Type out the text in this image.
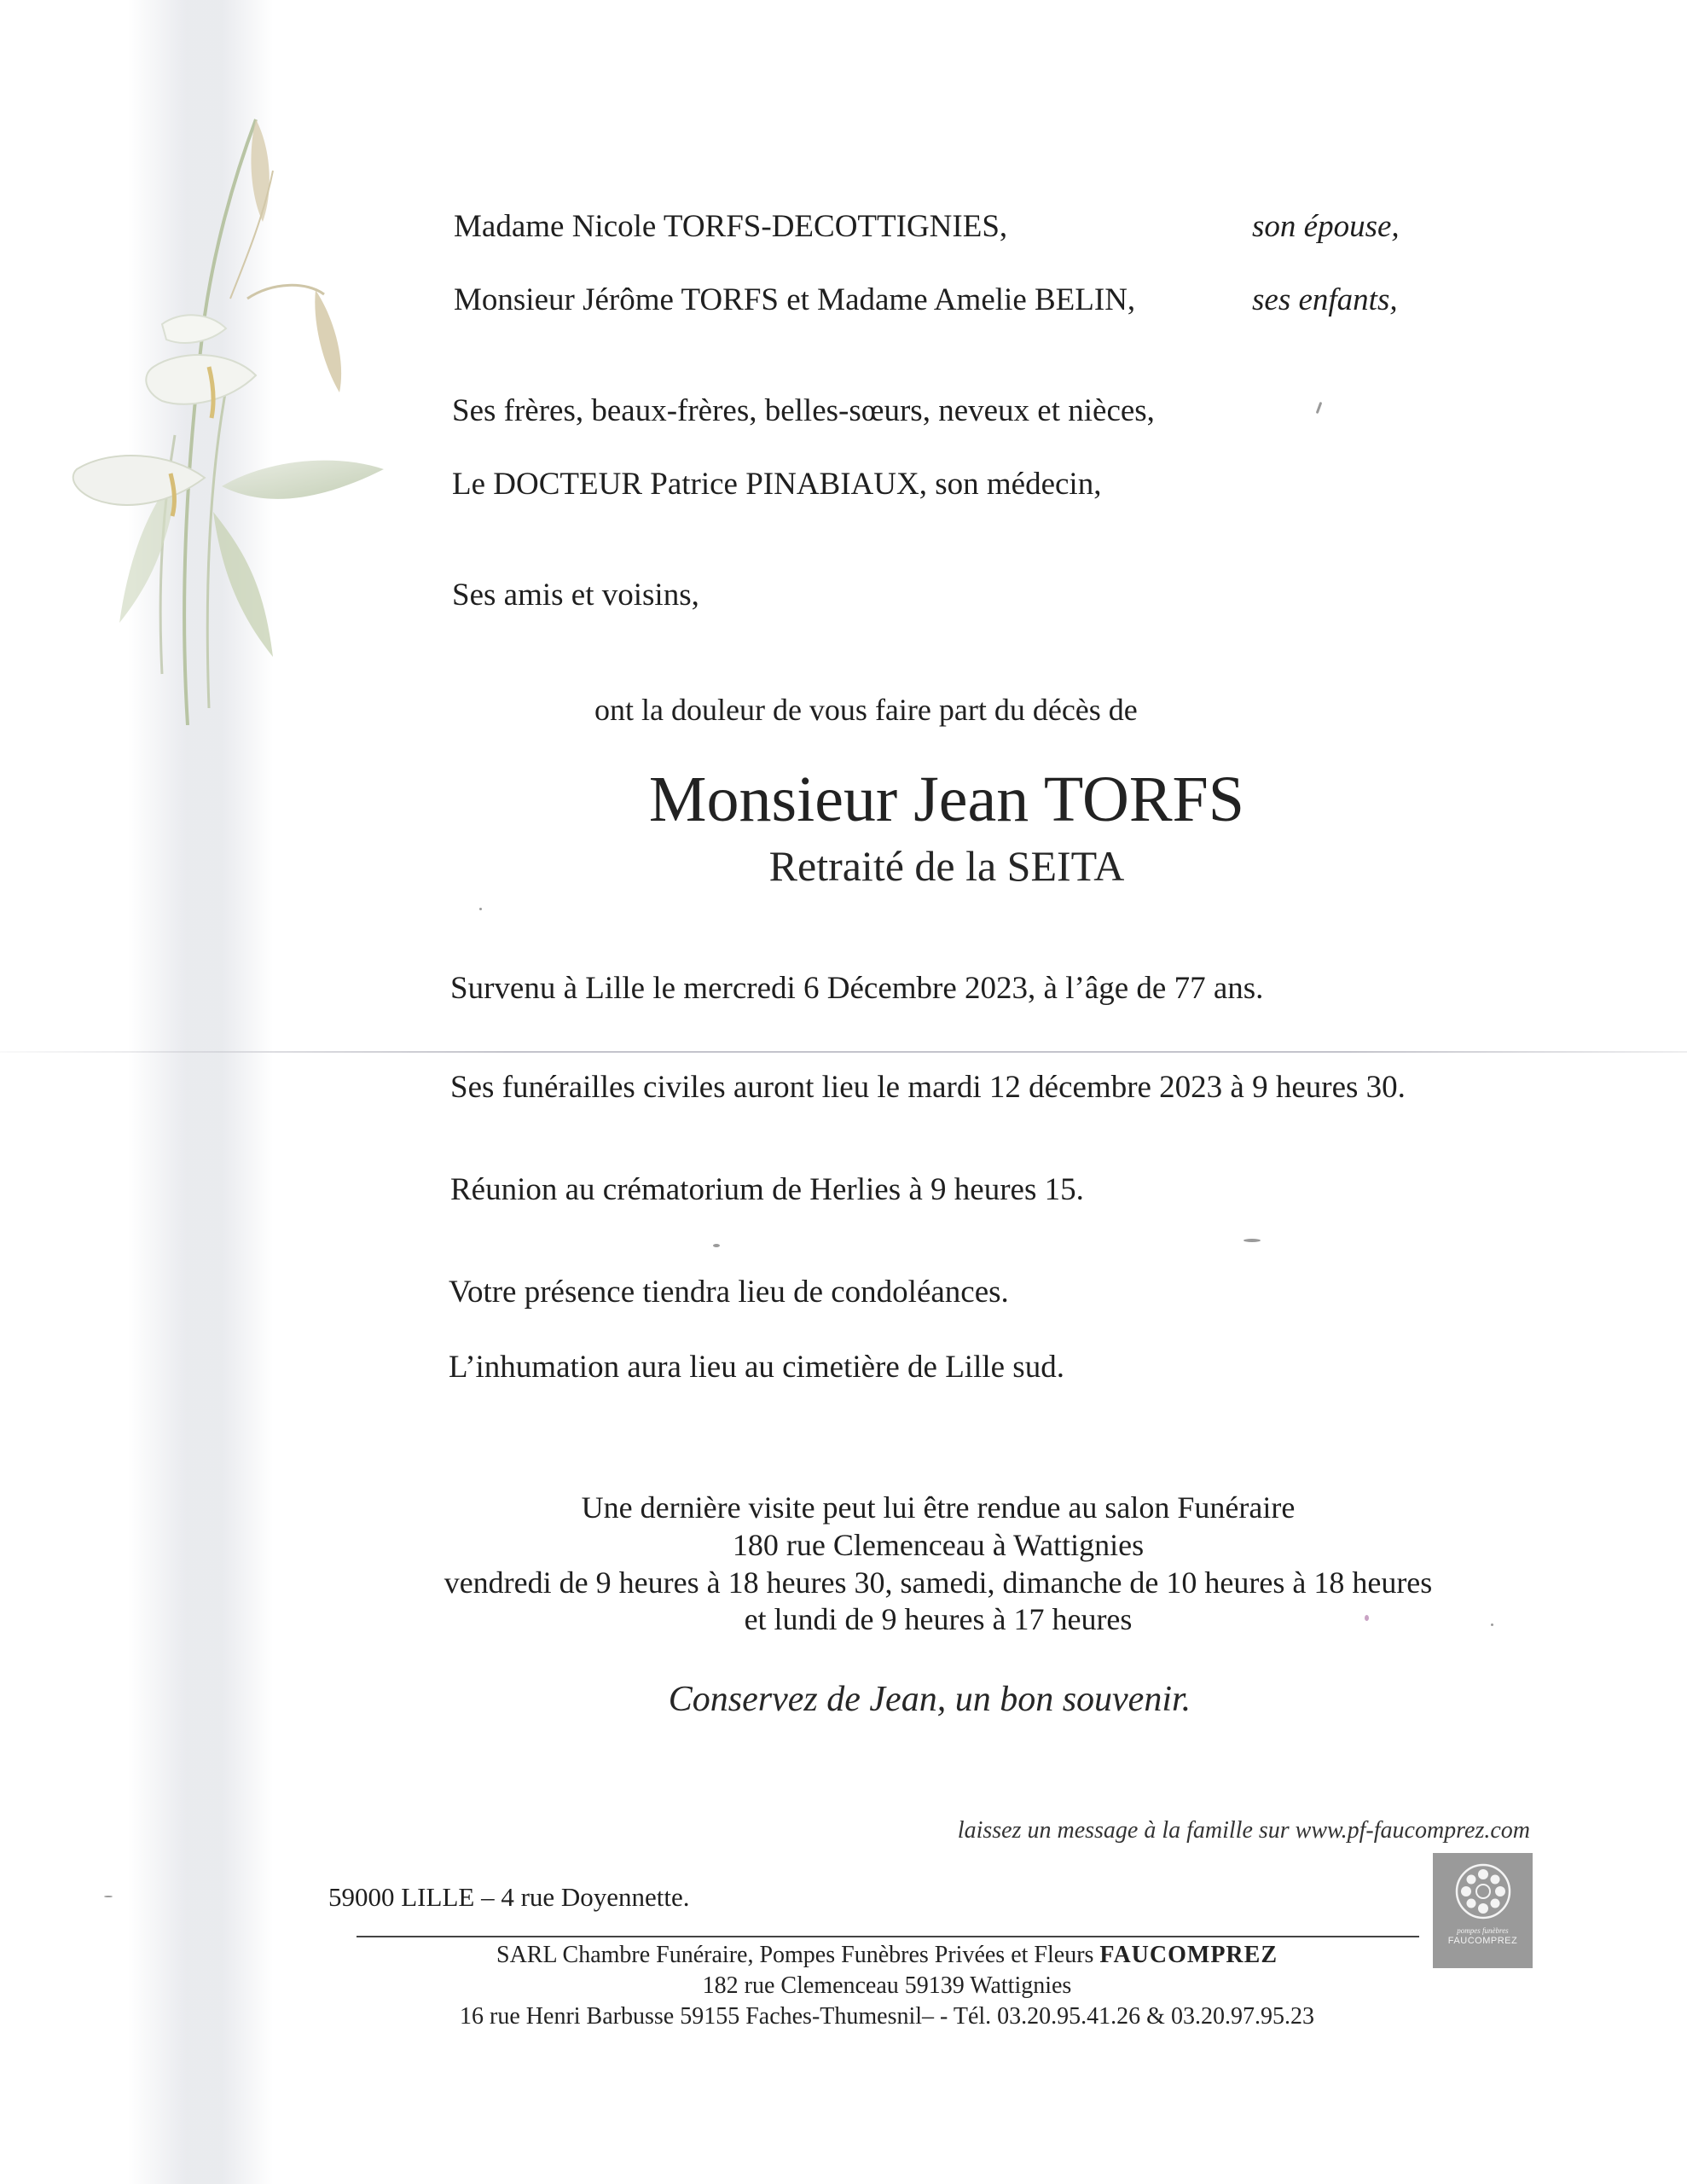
Madame Nicole TORFS-DECOTTIGNIES,	son épouse,
Monsieur Jérôme TORFS et Madame Amelie BELIN,	ses enfants,
Ses frères, beaux-frères, belles-sœurs, neveux et nièces,
Le DOCTEUR Patrice PINABIAUX, son médecin,
Ses amis et voisins,
ont la douleur de vous faire part du décès de
Monsieur Jean TORFS
Retraité de la SEITA
Survenu à Lille le mercredi 6 Décembre 2023, à l’âge de 77 ans.
Ses funérailles civiles auront lieu le mardi 12 décembre 2023 à 9 heures 30.
Réunion au crématorium de Herlies à 9 heures 15.
Votre présence tiendra lieu de condoléances.
L’inhumation aura lieu au cimetière de Lille sud.
Une dernière visite peut lui être rendue au salon Funéraire
180 rue Clemenceau à Wattignies
vendredi de 9 heures à 18 heures 30, samedi, dimanche de 10 heures à 18 heures
et lundi de 9 heures à 17 heures
Conservez de Jean, un bon souvenir.
laissez un message à la famille sur www.pf-faucomprez.com
59000 LILLE – 4 rue Doyennette.
pompes funèbres
FAUCOMPREZ
SARL Chambre Funéraire, Pompes Funèbres Privées et Fleurs FAUCOMPREZ
182 rue Clemenceau 59139 Wattignies
16 rue Henri Barbusse 59155 Faches-Thumesnil– - Tél. 03.20.95.41.26 & 03.20.97.95.23
